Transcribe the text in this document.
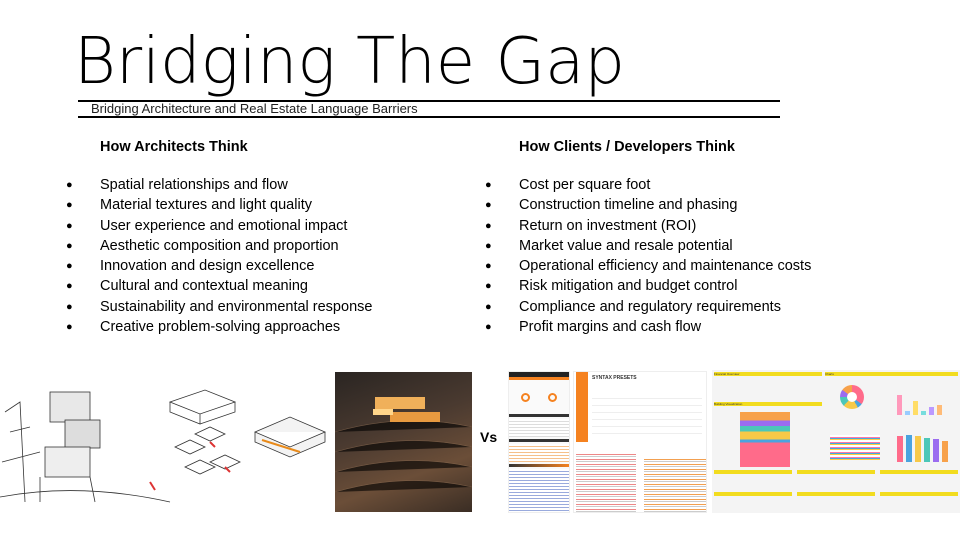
Bridging The Gap
Bridging Architecture and Real Estate Language Barriers
How Architects Think
● Spatial relationships and flow
● Material textures and light quality
● User experience and emotional impact
● Aesthetic composition and proportion
● Innovation and design excellence
● Cultural and contextual meaning
● Sustainability and environmental response
● Creative problem-solving approaches
How Clients / Developers Think
● Cost per square foot
● Construction timeline and phasing
● Return on investment (ROI)
● Market value and resale potential
● Operational efficiency and maintenance costs
● Risk mitigation and budget control
● Compliance and regulatory requirements
● Profit margins and cash flow
Vs
SYNTAX PRESETS
Financial Overview	Charts
Building Visualization
